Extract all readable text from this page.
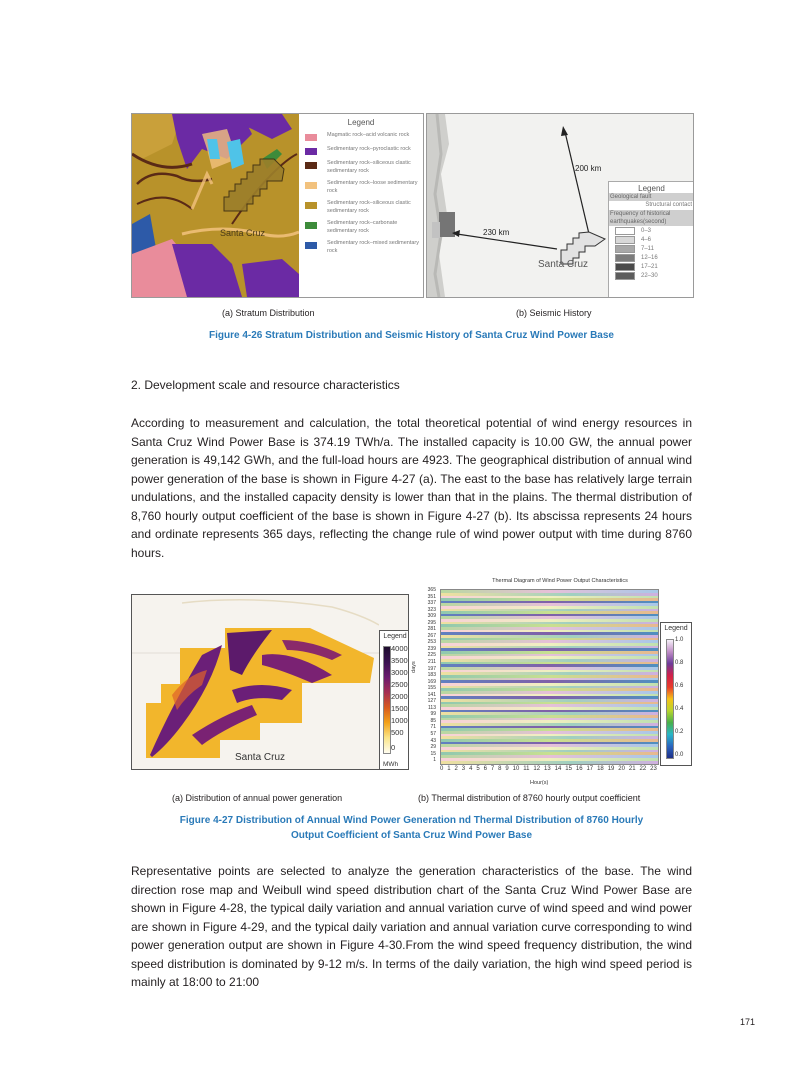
Santa Cruz
Legend
Magmatic rock–acid volcanic rock
Sedimentary rock–pyroclastic rock
Sedimentary rock–siliceous clastic sedimentary rock
Sedimentary rock–loose sedimentary rock
Sedimentary rock–siliceous clastic sedimentary rock
Sedimentary rock–carbonate sedimentary rock
Sedimentary rock–mixed sedimentary rock
200 km
230 km
Santa Cruz
Legend
Geological fault
Structural contact
Frequency of historical earthquakes(second)
0–3
4–6
7–11
12–16
17–21
22–30
(a) Stratum Distribution	(b) Seismic History
Figure 4-26 Stratum Distribution and Seismic History of Santa Cruz Wind Power Base
2. Development scale and resource characteristics
According to measurement and calculation, the total theoretical potential of wind energy resources in Santa Cruz Wind Power Base is 374.19 TWh/a. The installed capacity is 10.00 GW, the annual power generation is 49,142 GWh, and the full-load hours are 4923. The geographical distribution of annual wind power generation of the base is shown in Figure 4-27 (a). The east to the base has relatively large terrain undulations, and the installed capacity density is lower than that in the plains. The thermal distribution of 8,760 hourly output coefficient of the base is shown in Figure 4-27 (b). Its abscissa represents 24 hours and ordinate represents 365 days, reflecting the change rule of wind power output with time during 8760 hours.
Santa Cruz
Legend
4000
3500
3000
2500
2000
1500
1000
500
0
MWh
Thermal Diagram of Wind Power Output Characteristics
days
365
351
337
323
309
295
281
267
253
239
225
211
197
183
169
155
141
127
113
99
85
71
57
43
29
15
1
0 1 2 3 4 5 6 7 8 9 10 11 12 13 14 15 16 17 18 19 20 21 22 23
Hour(s)
Legend
1.0
0.8
0.6
0.4
0.2
0.0
(a) Distribution of annual power generation	(b) Thermal distribution of 8760 hourly output coefficient
Figure 4-27 Distribution of Annual Wind Power Generation nd Thermal Distribution of 8760 Hourly
Output Coefficient of Santa Cruz Wind Power Base
Representative points are selected to analyze the generation characteristics of the base. The wind direction rose map and Weibull wind speed distribution chart of the Santa Cruz Wind Power Base are shown in Figure 4-28, the typical daily variation and annual variation curve of wind speed and wind power are shown in Figure 4-29, and the typical daily variation and annual variation curve corresponding to wind power generation output are shown in Figure 4-30.From the wind speed frequency distribution, the wind speed distribution is dominated by 9-12 m/s. In terms of the daily variation, the high wind speed period is mainly at 18:00 to 21:00
171
